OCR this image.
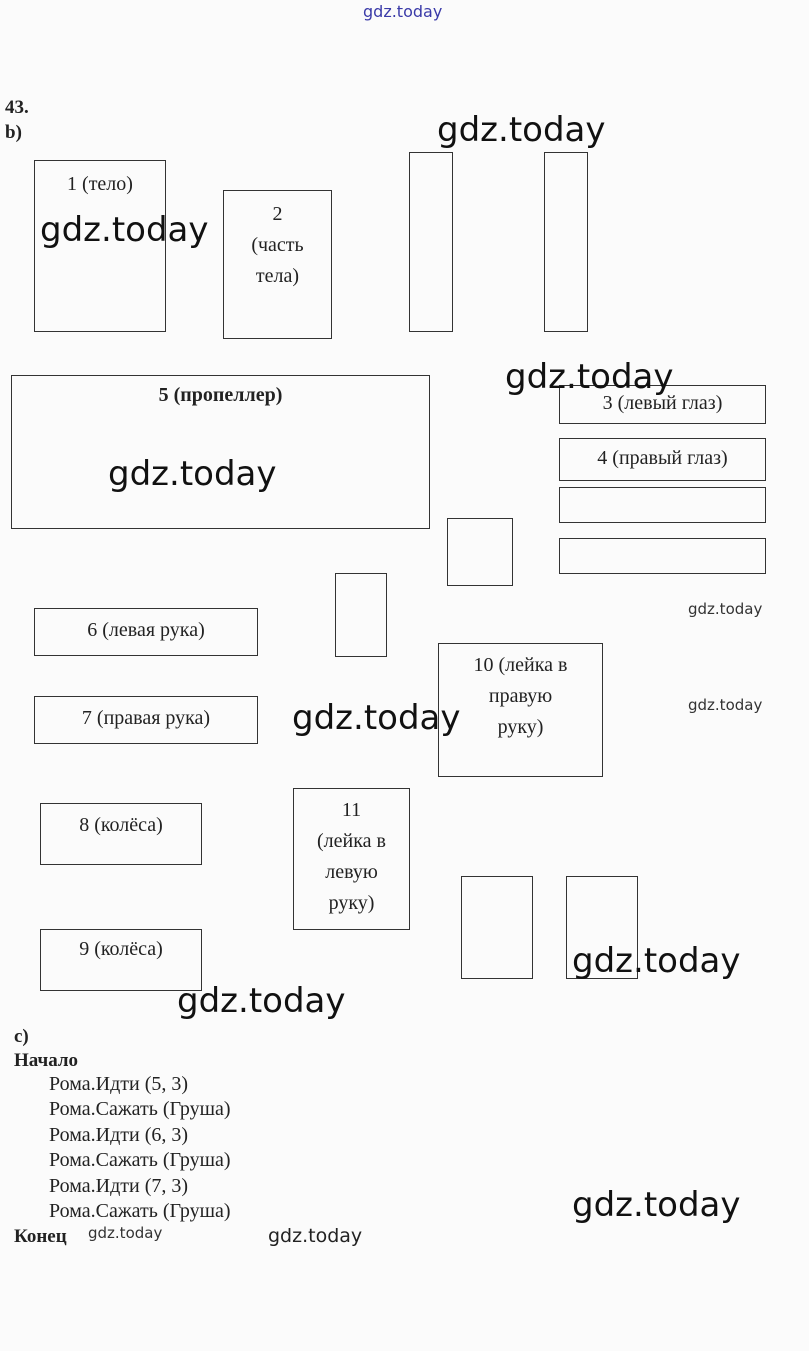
gdz.today
43.
b)
1 (тело)
2
(часть
тела)
5 (пропеллер)	3 (левый глаз)
4 (правый глаз)
6 (левая рука)
7 (правая рука)
10 (лейка в
правую
руку)
8 (колёса)
11
(лейка в
левую
руку)
9 (колёса)
c)
Начало
Рома.Идти (5, 3)
Рома.Сажать (Груша)
Рома.Идти (6, 3)
Рома.Сажать (Груша)
Рома.Идти (7, 3)
Рома.Сажать (Груша)
Конец
gdz.today
gdz.today
gdz.today
gdz.today
gdz.today
gdz.today
gdz.today
gdz.today
gdz.today
gdz.today
gdz.today	gdz.today
